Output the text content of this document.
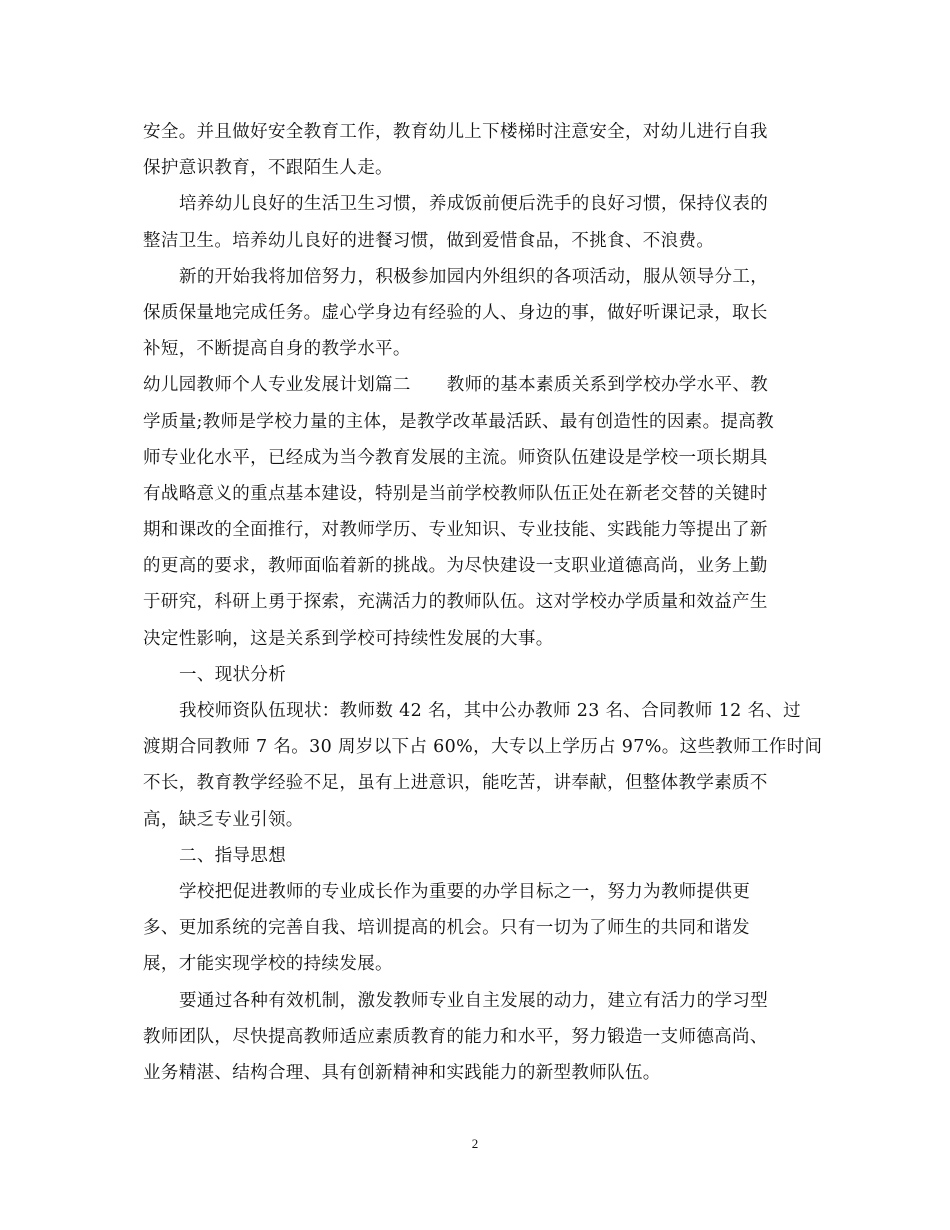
安全。并且做好安全教育工作，教育幼儿上下楼梯时注意安全，对幼儿进行自我
保护意识教育，不跟陌生人走。
培养幼儿良好的生活卫生习惯，养成饭前便后洗手的良好习惯，保持仪表的
整洁卫生。培养幼儿良好的进餐习惯，做到爱惜食品，不挑食、不浪费。
新的开始我将加倍努力，积极参加园内外组织的各项活动，服从领导分工，
保质保量地完成任务。虚心学身边有经验的人、身边的事，做好听课记录，取长
补短，不断提高自身的教学水平。
幼儿园教师个人专业发展计划篇二 教师的基本素质关系到学校办学水平、教
学质量;教师是学校力量的主体，是教学改革最活跃、最有创造性的因素。提高教
师专业化水平，已经成为当今教育发展的主流。师资队伍建设是学校一项长期具
有战略意义的重点基本建设，特别是当前学校教师队伍正处在新老交替的关键时
期和课改的全面推行，对教师学历、专业知识、专业技能、实践能力等提出了新
的更高的要求，教师面临着新的挑战。为尽快建设一支职业道德高尚，业务上勤
于研究，科研上勇于探索，充满活力的教师队伍。这对学校办学质量和效益产生
决定性影响，这是关系到学校可持续性发展的大事。
一、现状分析
我校师资队伍现状：教师数 42 名，其中公办教师 23 名、合同教师 12 名、过
渡期合同教师 7 名。30 周岁以下占 60%，大专以上学历占 97%。这些教师工作时间
不长，教育教学经验不足，虽有上进意识，能吃苦，讲奉献，但整体教学素质不
高，缺乏专业引领。
二、指导思想
学校把促进教师的专业成长作为重要的办学目标之一，努力为教师提供更
多、更加系统的完善自我、培训提高的机会。只有一切为了师生的共同和谐发
展，才能实现学校的持续发展。
要通过各种有效机制，激发教师专业自主发展的动力，建立有活力的学习型
教师团队，尽快提高教师适应素质教育的能力和水平，努力锻造一支师德高尚、
业务精湛、结构合理、具有创新精神和实践能力的新型教师队伍。
2
